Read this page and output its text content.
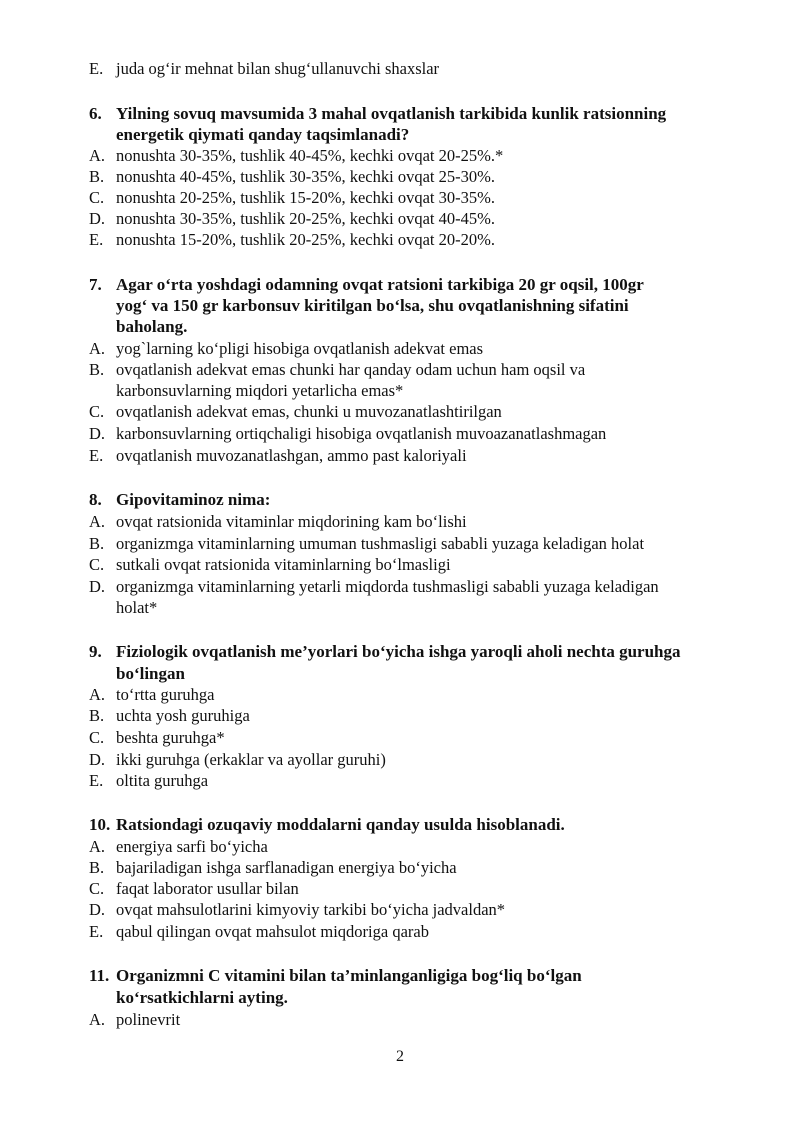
E. juda og‘ir mehnat bilan shug‘ullanuvchi shaxslar
6. Yilning sovuq mavsumida 3 mahal ovqatlanish tarkibida kunlik ratsionning
energetik qiymati qanday taqsimlanadi?
A. nonushta 30-35%, tushlik 40-45%, kechki ovqat 20-25%.*
B. nonushta 40-45%, tushlik 30-35%, kechki ovqat 25-30%.
C. nonushta 20-25%, tushlik 15-20%, kechki ovqat 30-35%.
D. nonushta 30-35%, tushlik 20-25%, kechki ovqat 40-45%.
E. nonushta 15-20%, tushlik 20-25%, kechki ovqat 20-20%.
7. Agar o‘rta yoshdagi odamning ovqat ratsioni tarkibiga 20 gr oqsil, 100gr
yog‘ va 150 gr karbonsuv kiritilgan bo‘lsa, shu ovqatlanishning sifatini
baholang.
A. yog`larning ko‘pligi hisobiga ovqatlanish adekvat emas
B. ovqatlanish adekvat emas chunki har qanday odam uchun ham oqsil va
karbonsuvlarning miqdori yetarlicha emas*
C. ovqatlanish adekvat emas, chunki u muvozanatlashtirilgan
D. karbonsuvlarning ortiqchaligi hisobiga ovqatlanish muvoazanatlashmagan
E. ovqatlanish muvozanatlashgan, ammo past kaloriyali
8. Gipovitaminoz nima:
A. ovqat ratsionida vitaminlar miqdorining kam bo‘lishi
B. organizmga vitaminlarning umuman tushmasligi sababli yuzaga keladigan holat
C. sutkali ovqat ratsionida vitaminlarning bo‘lmasligi
D. organizmga vitaminlarning yetarli miqdorda tushmasligi sababli yuzaga keladigan
holat*
9. Fiziologik ovqatlanish me’yorlari bo‘yicha ishga yaroqli aholi nechta guruhga
bo‘lingan
A. to‘rtta guruhga
B. uchta yosh guruhiga
C. beshta guruhga*
D. ikki guruhga (erkaklar va ayollar guruhi)
E. oltita guruhga
10. Ratsiondagi ozuqaviy moddalarni qanday usulda hisoblanadi.
A. energiya sarfi bo‘yicha
B. bajariladigan ishga sarflanadigan energiya bo‘yicha
C. faqat laborator usullar bilan
D. ovqat mahsulotlarini kimyoviy tarkibi bo‘yicha jadvaldan*
E. qabul qilingan ovqat mahsulot miqdoriga qarab
11. Organizmni C vitamini bilan ta’minlanganligiga bog‘liq bo‘lgan
ko‘rsatkichlarni ayting.
A. polinevrit
2
